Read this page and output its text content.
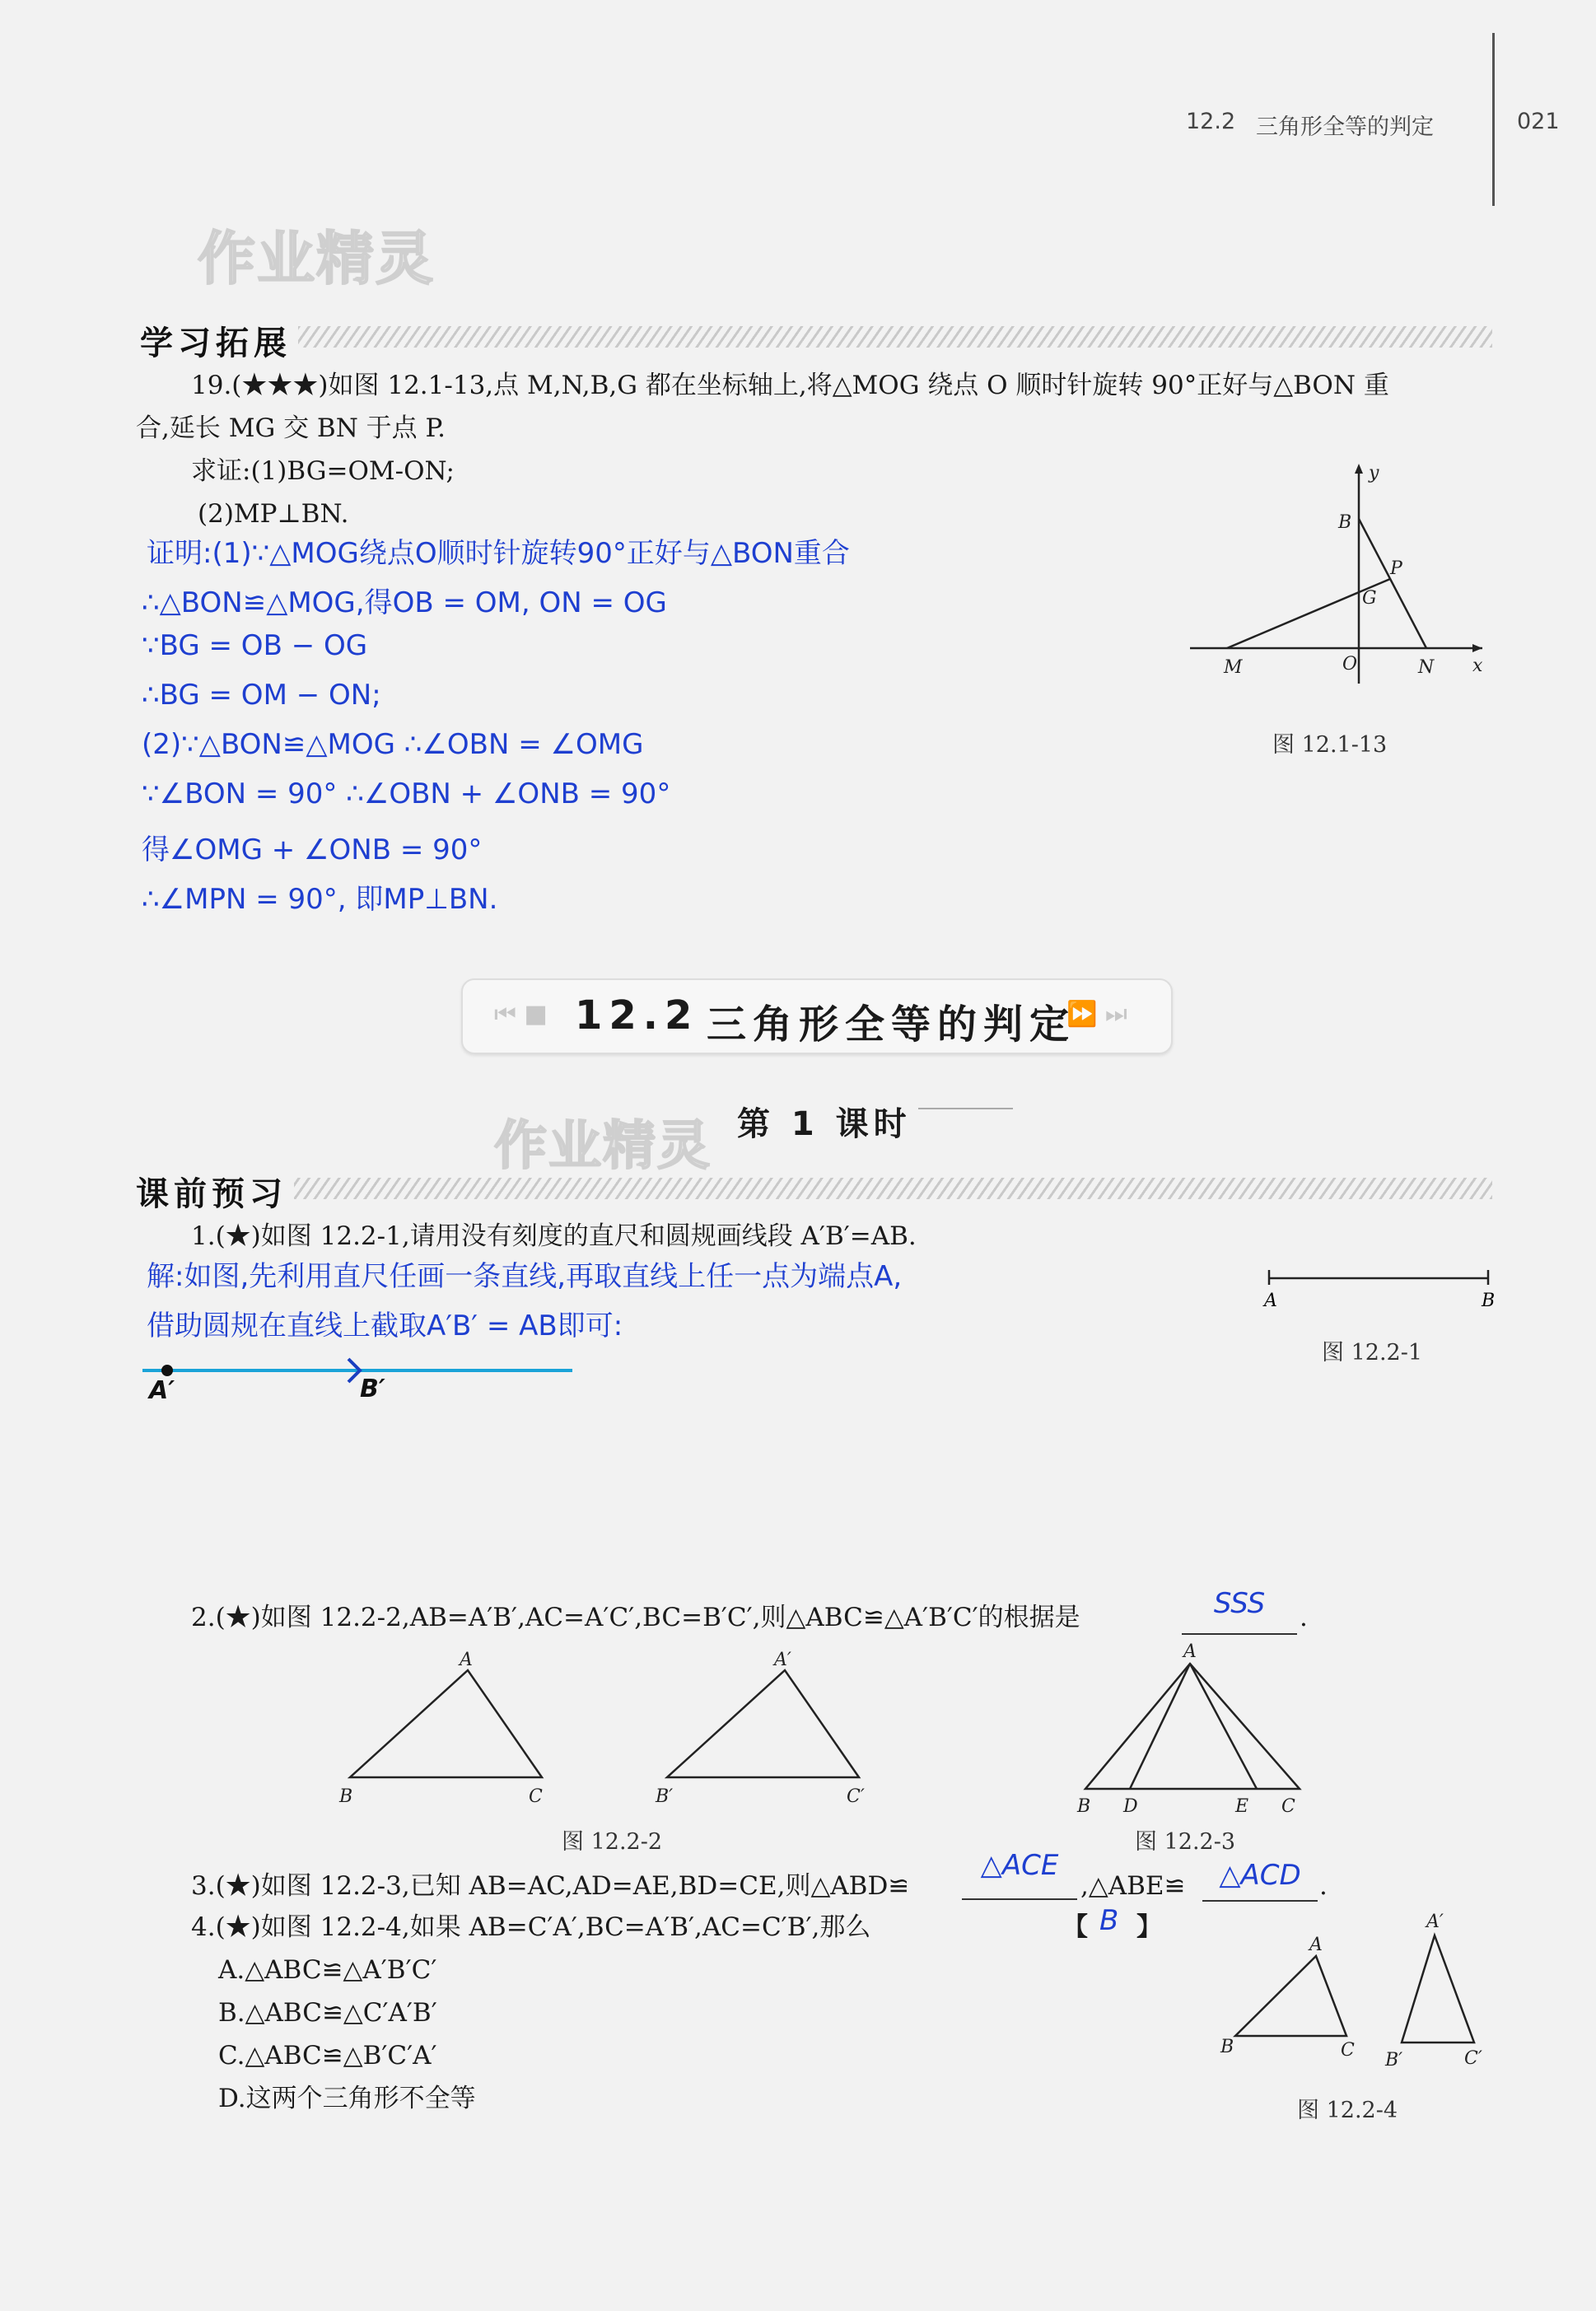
12.2 三角形全等的判定	021
作业精灵
作业精灵
学习拓展
19.(★★★)如图 12.1-13,点 M,N,B,G 都在坐标轴上,将△MOG 绕点 O 顺时针旋转 90°正好与△BON 重
合,延长 MG 交 BN 于点 P.
求证:(1)BG=OM-ON;
(2)MP⊥BN.
证明:(1)∵△MOG绕点O顺时针旋转90°正好与△BON重合
∴△BON≌△MOG,得OB = OM, ON = OG
∵BG = OB − OG
∴BG = OM − ON;
(2)∵△BON≌△MOG ∴∠OBN = ∠OMG
∵∠BON = 90° ∴∠OBN + ∠ONB = 90°
得∠OMG + ∠ONB = 90°
∴∠MPN = 90°, 即MP⊥BN.
y
x
B
P
G
M	O	N
图 12.1-13
⏮ ■	⏩ ⏭
12.2 三角形全等的判定
第 1 课时
课前预习
1.(★)如图 12.2-1,请用没有刻度的直尺和圆规画线段 A′B′=AB.
解:如图,先利用直尺任画一条直线,再取直线上任一点为端点A,
借助圆规在直线上截取A′B′ = AB即可:
A	B
图 12.2-1
A′	B′
2.(★)如图 12.2-2,AB=A′B′,AC=A′C′,BC=B′C′,则△ABC≌△A′B′C′的根据是	SSS	.
A
B	C
A′
B′	C′
图 12.2-2
A
B D	E C
图 12.2-3
3.(★)如图 12.2-3,已知 AB=AC,AD=AE,BD=CE,则△ABD≌
△ACE
,△ABE≌	△ACD .
4.(★)如图 12.2-4,如果 AB=C′A′,BC=A′B′,AC=C′B′,那么	【 B 】
A.△ABC≌△A′B′C′
B.△ABC≌△C′A′B′
C.△ABC≌△B′C′A′
D.这两个三角形不全等
A
B	C
A′
B′	C′
图 12.2-4
